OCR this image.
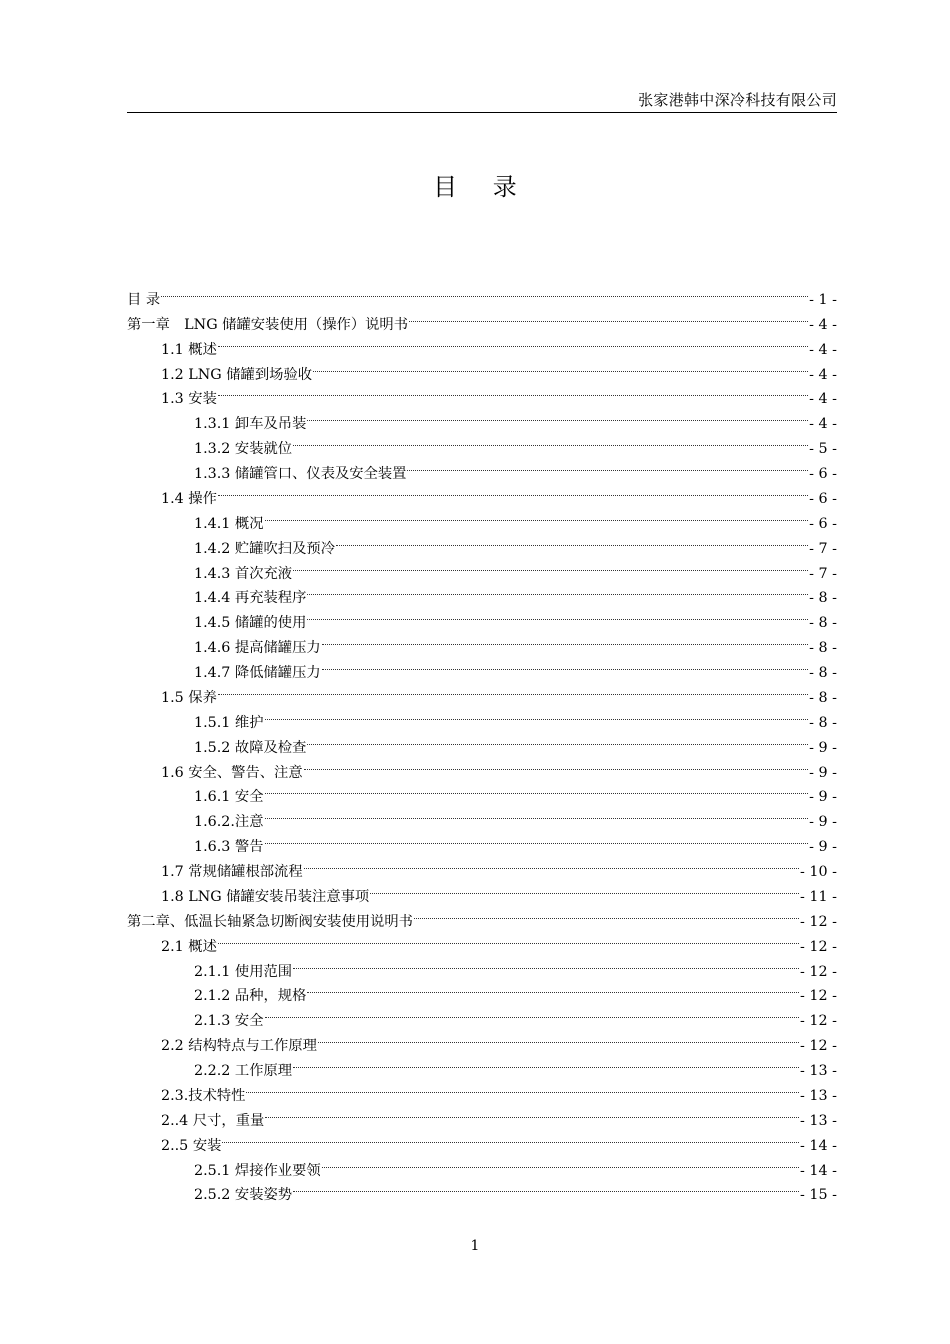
张家港韩中深冷科技有限公司
目 录
目 录	- 1 -
第一章　LNG 储罐安装使用（操作）说明书	- 4 -
1.1 概述	- 4 -
1.2 LNG 储罐到场验收	- 4 -
1.3 安装	- 4 -
1.3.1 卸车及吊装	- 4 -
1.3.2 安装就位	- 5 -
1.3.3 储罐管口、仪表及安全装置	- 6 -
1.4 操作	- 6 -
1.4.1 概况	- 6 -
1.4.2 贮罐吹扫及预冷	- 7 -
1.4.3 首次充液	- 7 -
1.4.4 再充装程序	- 8 -
1.4.5 储罐的使用	- 8 -
1.4.6 提高储罐压力	- 8 -
1.4.7 降低储罐压力	- 8 -
1.5 保养	- 8 -
1.5.1 维护	- 8 -
1.5.2 故障及检查	- 9 -
1.6 安全、警告、注意	- 9 -
1.6.1 安全	- 9 -
1.6.2.注意	- 9 -
1.6.3 警告	- 9 -
1.7 常规储罐根部流程	- 10 -
1.8 LNG 储罐安装吊装注意事项	- 11 -
第二章、低温长轴紧急切断阀安装使用说明书	- 12 -
2.1 概述	- 12 -
2.1.1 使用范围	- 12 -
2.1.2 品种，规格	- 12 -
2.1.3 安全	- 12 -
2.2 结构特点与工作原理	- 12 -
2.2.2 工作原理	- 13 -
2.3.技术特性	- 13 -
2..4 尺寸，重量	- 13 -
2..5 安装	- 14 -
2.5.1 焊接作业要领	- 14 -
2.5.2 安装姿势	- 15 -
1
